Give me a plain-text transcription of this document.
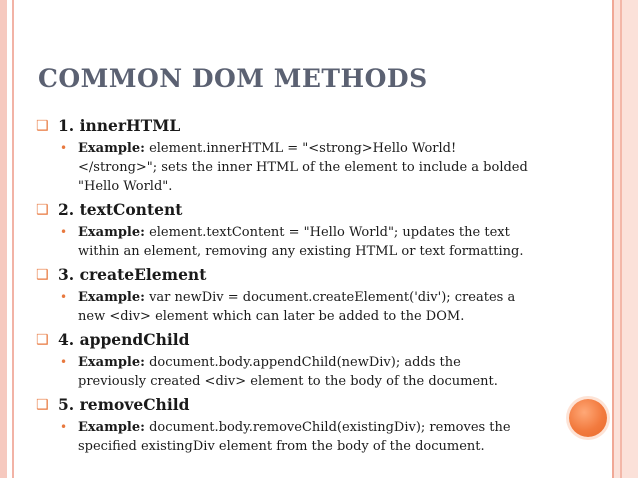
COMMON DOM METHODS
❑ 1. innerHTML
• Example: element.innerHTML = "<strong>Hello World!</strong>"; sets the inner HTML of the element to include a bolded "Hello World".
❑ 2. textContent
• Example: element.textContent = "Hello World"; updates the text within an element, removing any existing HTML or text formatting.
❑ 3. createElement
• Example: var newDiv = document.createElement('div'); creates a new <div> element which can later be added to the DOM.
❑ 4. appendChild
• Example: document.body.appendChild(newDiv); adds the previously created <div> element to the body of the document.
❑ 5. removeChild
• Example: document.body.removeChild(existingDiv); removes the specified existingDiv element from the body of the document.
